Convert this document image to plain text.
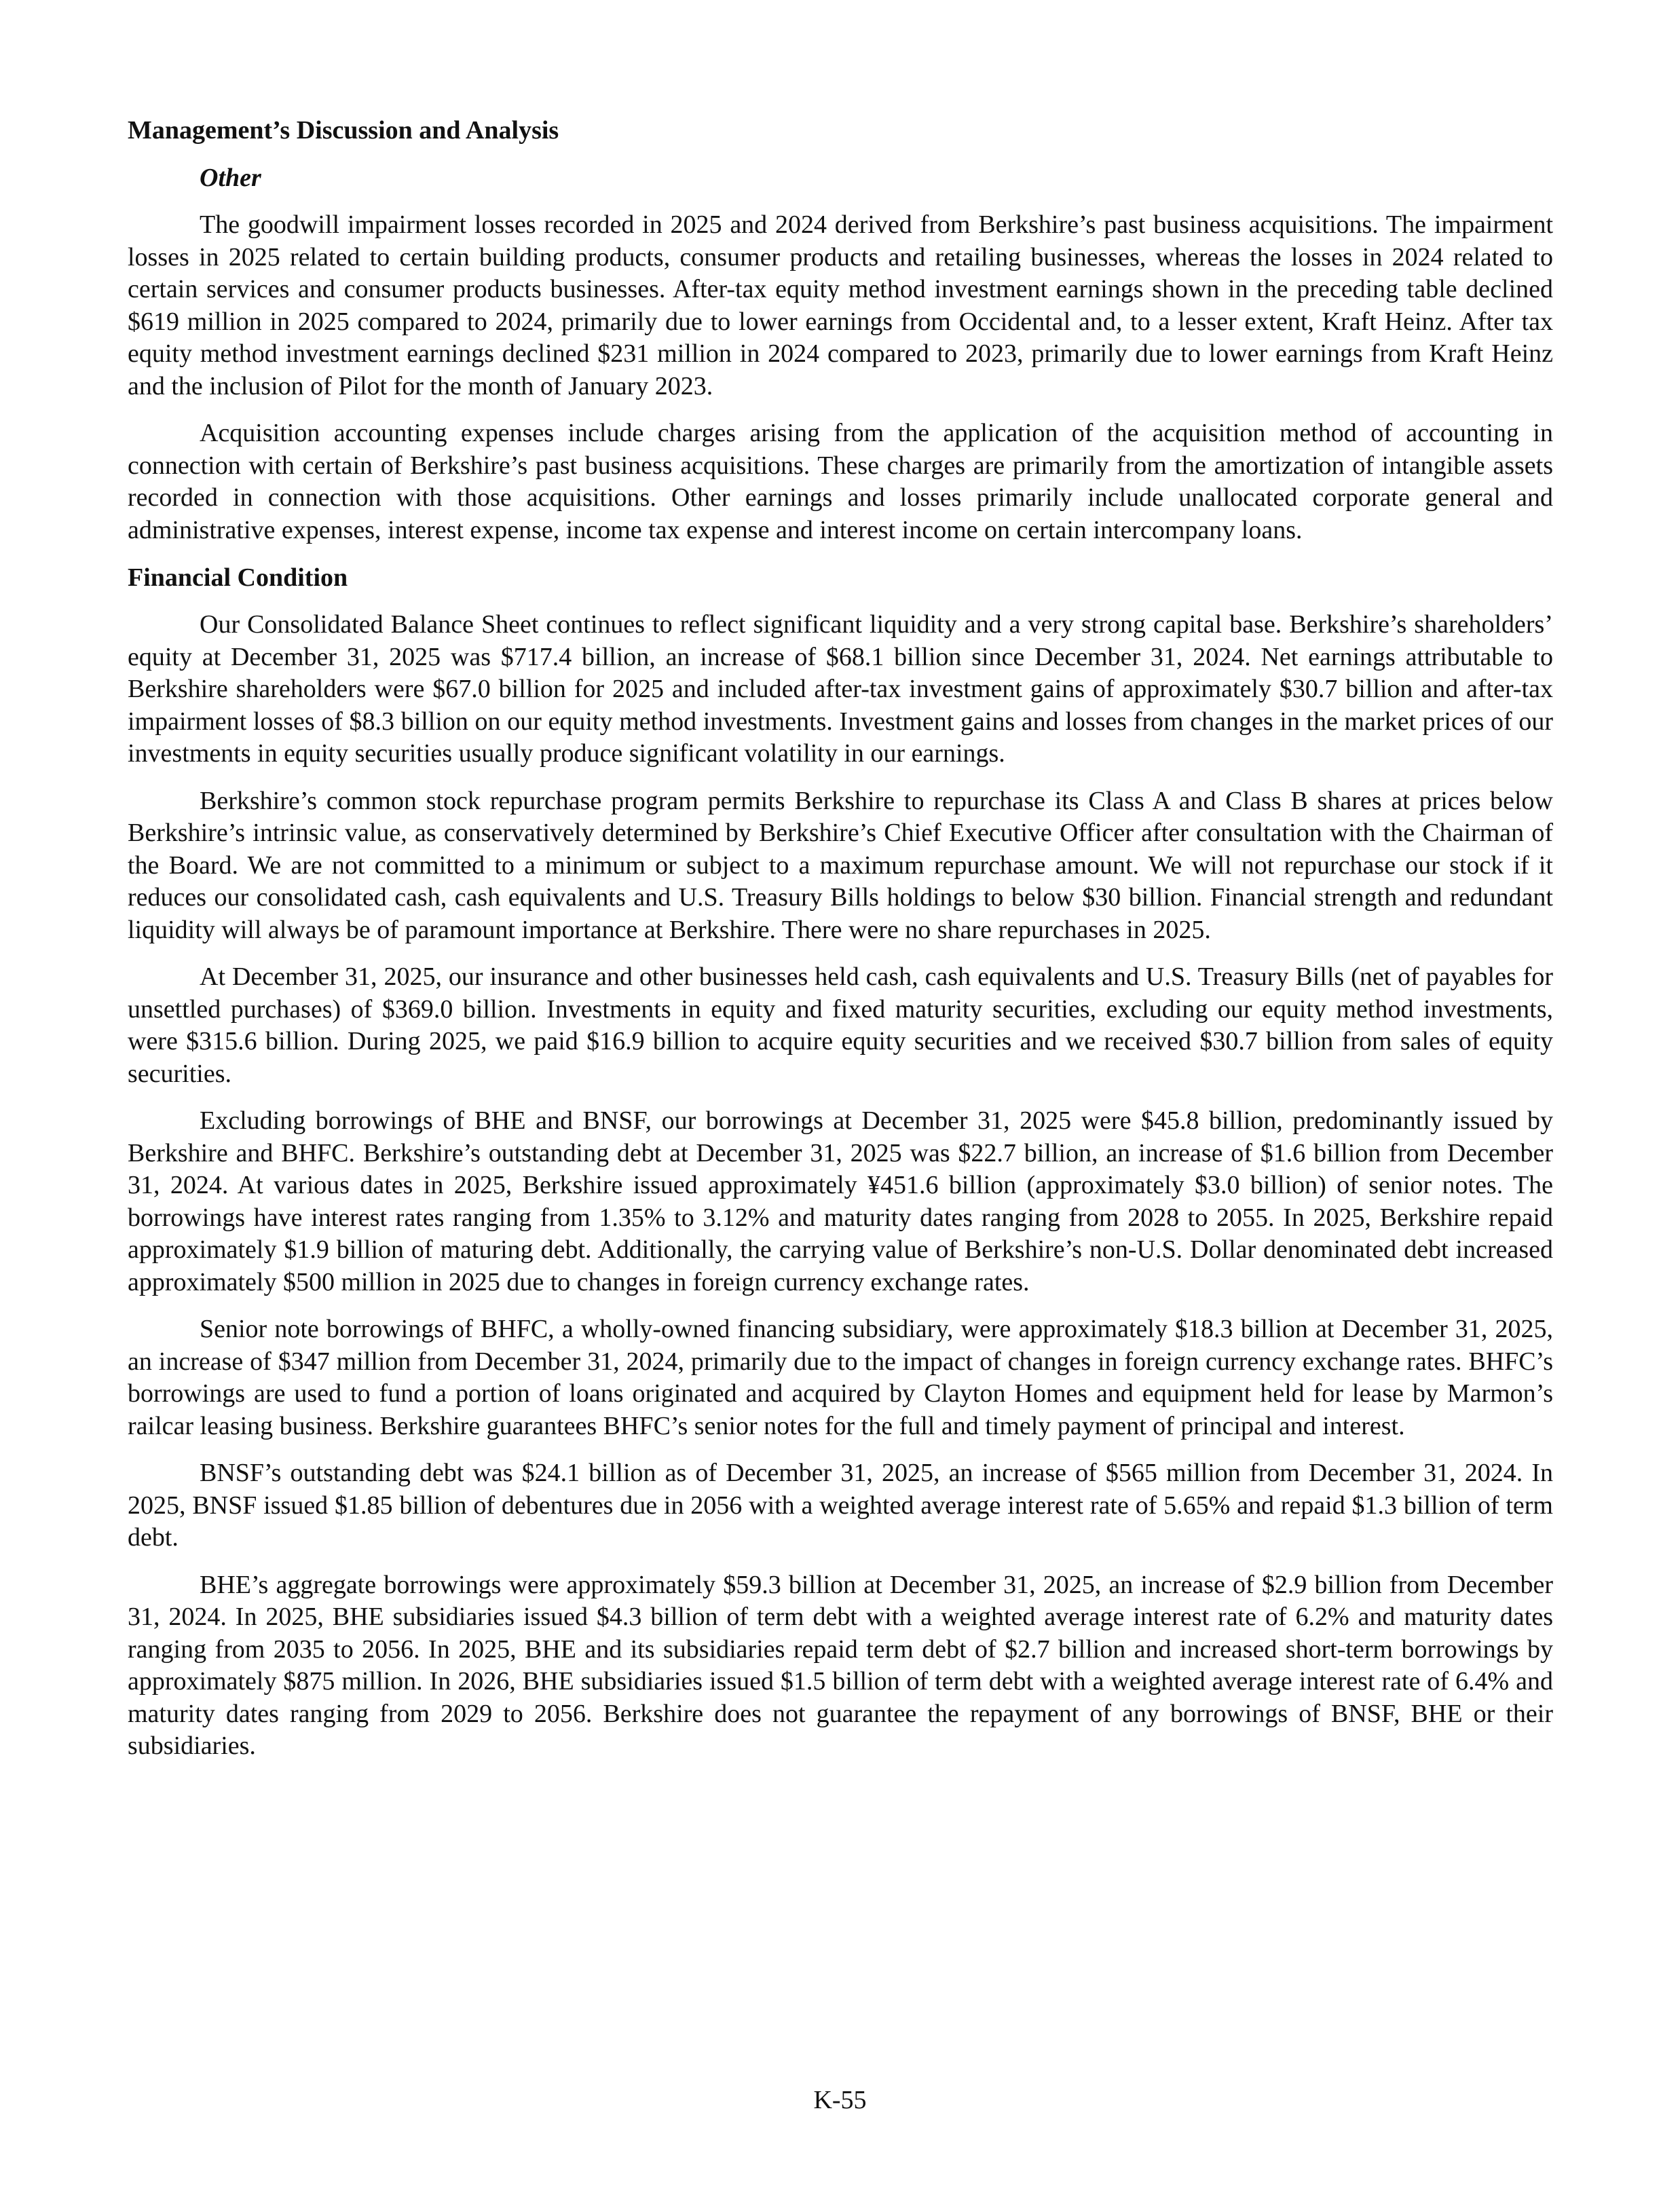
Management’s Discussion and Analysis
Other

The goodwill impairment losses recorded in 2025 and 2024 derived from Berkshire’s past business acquisitions. The impairment losses in 2025 related to certain building products, consumer products and retailing businesses, whereas the losses in 2024 related to certain services and consumer products businesses. After-tax equity method investment earnings shown in the preceding table declined $619 million in 2025 compared to 2024, primarily due to lower earnings from Occidental and, to a lesser extent, Kraft Heinz. After tax equity method investment earnings declined $231 million in 2024 compared to 2023, primarily due to lower earnings from Kraft Heinz and the inclusion of Pilot for the month of January 2023.

Acquisition accounting expenses include charges arising from the application of the acquisition method of accounting in connection with certain of Berkshire’s past business acquisitions. These charges are primarily from the amortization of intangible assets recorded in connection with those acquisitions. Other earnings and losses primarily include unallocated corporate general and administrative expenses, interest expense, income tax expense and interest income on certain intercompany loans.

Financial Condition

Our Consolidated Balance Sheet continues to reflect significant liquidity and a very strong capital base. Berkshire’s shareholders’ equity at December 31, 2025 was $717.4 billion, an increase of $68.1 billion since December 31, 2024. Net earnings attributable to Berkshire shareholders were $67.0 billion for 2025 and included after-tax investment gains of approximately $30.7 billion and after-tax impairment losses of $8.3 billion on our equity method investments. Investment gains and losses from changes in the market prices of our investments in equity securities usually produce significant volatility in our earnings.

Berkshire’s common stock repurchase program permits Berkshire to repurchase its Class A and Class B shares at prices below Berkshire’s intrinsic value, as conservatively determined by Berkshire’s Chief Executive Officer after consultation with the Chairman of the Board. We are not committed to a minimum or subject to a maximum repurchase amount. We will not repurchase our stock if it reduces our consolidated cash, cash equivalents and U.S. Treasury Bills holdings to below $30 billion. Financial strength and redundant liquidity will always be of paramount importance at Berkshire. There were no share repurchases in 2025.

At December 31, 2025, our insurance and other businesses held cash, cash equivalents and U.S. Treasury Bills (net of payables for unsettled purchases) of $369.0 billion. Investments in equity and fixed maturity securities, excluding our equity method investments, were $315.6 billion. During 2025, we paid $16.9 billion to acquire equity securities and we received $30.7 billion from sales of equity securities.

Excluding borrowings of BHE and BNSF, our borrowings at December 31, 2025 were $45.8 billion, predominantly issued by Berkshire and BHFC. Berkshire’s outstanding debt at December 31, 2025 was $22.7 billion, an increase of $1.6 billion from December 31, 2024. At various dates in 2025, Berkshire issued approximately ¥451.6 billion (approximately $3.0 billion) of senior notes. The borrowings have interest rates ranging from 1.35% to 3.12% and maturity dates ranging from 2028 to 2055. In 2025, Berkshire repaid approximately $1.9 billion of maturing debt. Additionally, the carrying value of Berkshire’s non-U.S. Dollar denominated debt increased approximately $500 million in 2025 due to changes in foreign currency exchange rates.

Senior note borrowings of BHFC, a wholly-owned financing subsidiary, were approximately $18.3 billion at December 31, 2025, an increase of $347 million from December 31, 2024, primarily due to the impact of changes in foreign currency exchange rates. BHFC’s borrowings are used to fund a portion of loans originated and acquired by Clayton Homes and equipment held for lease by Marmon’s railcar leasing business. Berkshire guarantees BHFC’s senior notes for the full and timely payment of principal and interest.

BNSF’s outstanding debt was $24.1 billion as of December 31, 2025, an increase of $565 million from December 31, 2024. In 2025, BNSF issued $1.85 billion of debentures due in 2056 with a weighted average interest rate of 5.65% and repaid $1.3 billion of term debt.

BHE’s aggregate borrowings were approximately $59.3 billion at December 31, 2025, an increase of $2.9 billion from December 31, 2024. In 2025, BHE subsidiaries issued $4.3 billion of term debt with a weighted average interest rate of 6.2% and maturity dates ranging from 2035 to 2056. In 2025, BHE and its subsidiaries repaid term debt of $2.7 billion and increased short-term borrowings by approximately $875 million. In 2026, BHE subsidiaries issued $1.5 billion of term debt with a weighted average interest rate of 6.4% and maturity dates ranging from 2029 to 2056. Berkshire does not guarantee the repayment of any borrowings of BNSF, BHE or their subsidiaries.

K-55
